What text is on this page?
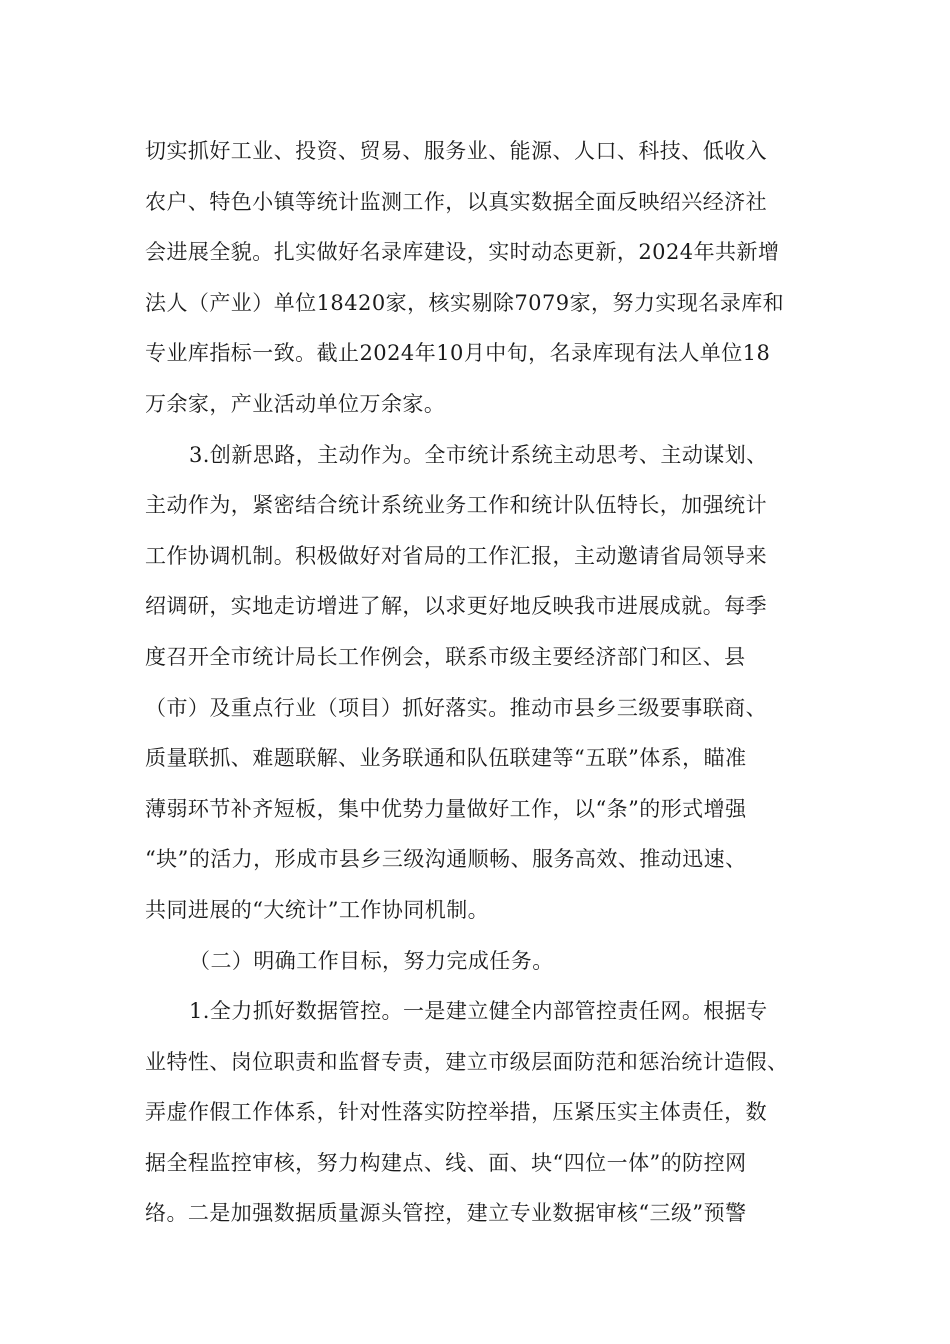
切实抓好工业、投资、贸易、服务业、能源、人口、科技、低收入
农户、特色小镇等统计监测工作，以真实数据全面反映绍兴经济社
会进展全貌。扎实做好名录库建设，实时动态更新，2024年共新增
法人（产业）单位18420家，核实剔除7079家，努力实现名录库和
专业库指标一致。截止2024年10月中旬，名录库现有法人单位18
万余家，产业活动单位万余家。
3.创新思路，主动作为。全市统计系统主动思考、主动谋划、
主动作为，紧密结合统计系统业务工作和统计队伍特长，加强统计
工作协调机制。积极做好对省局的工作汇报，主动邀请省局领导来
绍调研，实地走访增进了解，以求更好地反映我市进展成就。每季
度召开全市统计局长工作例会，联系市级主要经济部门和区、县
（市）及重点行业（项目）抓好落实。推动市县乡三级要事联商、
质量联抓、难题联解、业务联通和队伍联建等“五联”体系，瞄准
薄弱环节补齐短板，集中优势力量做好工作，以“条”的形式增强
“块”的活力，形成市县乡三级沟通顺畅、服务高效、推动迅速、
共同进展的“大统计”工作协同机制。
（二）明确工作目标，努力完成任务。
1.全力抓好数据管控。一是建立健全内部管控责任网。根据专
业特性、岗位职责和监督专责，建立市级层面防范和惩治统计造假、
弄虚作假工作体系，针对性落实防控举措，压紧压实主体责任，数
据全程监控审核，努力构建点、线、面、块“四位一体”的防控网
络。二是加强数据质量源头管控，建立专业数据审核“三级”预警
